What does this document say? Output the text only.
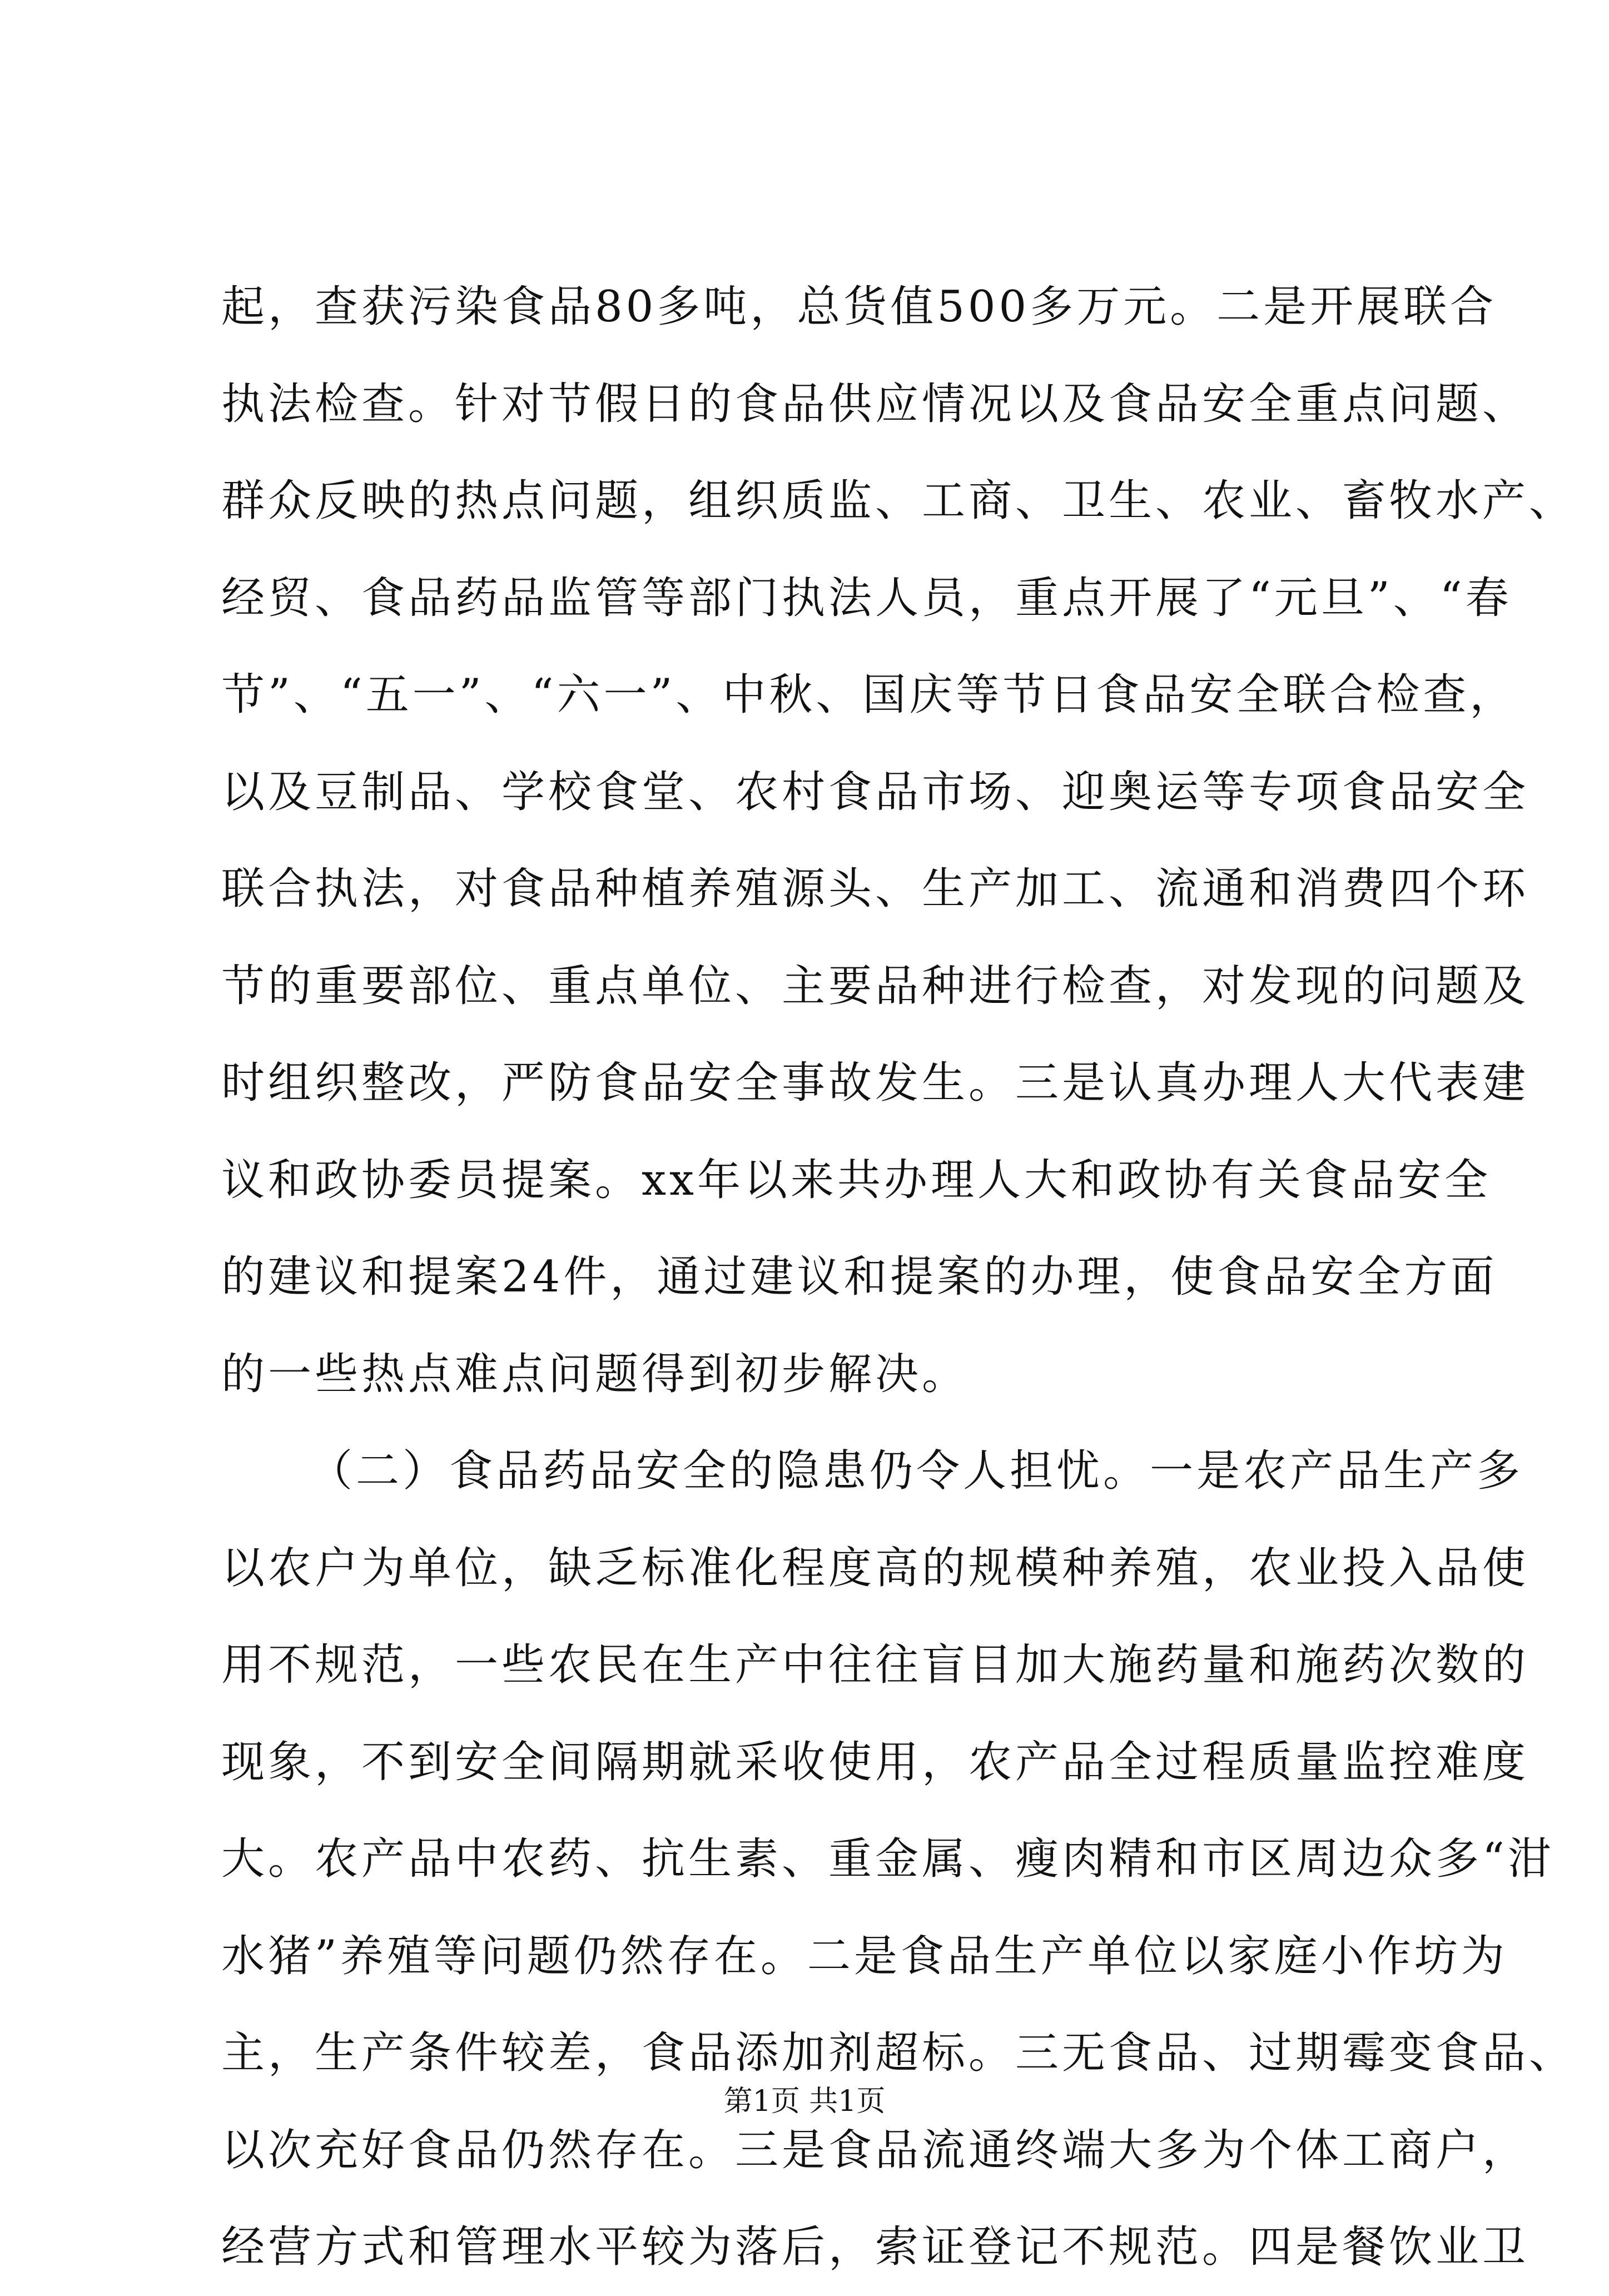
起，查获污染食品80多吨，总货值500多万元。二是开展联合
执法检查。针对节假日的食品供应情况以及食品安全重点问题、
群众反映的热点问题，组织质监、工商、卫生、农业、畜牧水产、
经贸、食品药品监管等部门执法人员，重点开展了“元旦”、“春
节”、“五一”、“六一”、中秋、国庆等节日食品安全联合检查，
以及豆制品、学校食堂、农村食品市场、迎奥运等专项食品安全
联合执法，对食品种植养殖源头、生产加工、流通和消费四个环
节的重要部位、重点单位、主要品种进行检查，对发现的问题及
时组织整改，严防食品安全事故发生。三是认真办理人大代表建
议和政协委员提案。xx年以来共办理人大和政协有关食品安全
的建议和提案24件，通过建议和提案的办理，使食品安全方面
的一些热点难点问题得到初步解决。
（二）食品药品安全的隐患仍令人担忧。一是农产品生产多
以农户为单位，缺乏标准化程度高的规模种养殖，农业投入品使
用不规范，一些农民在生产中往往盲目加大施药量和施药次数的
现象，不到安全间隔期就采收使用，农产品全过程质量监控难度
大。农产品中农药、抗生素、重金属、瘦肉精和市区周边众多“泔
水猪”养殖等问题仍然存在。二是食品生产单位以家庭小作坊为
主，生产条件较差，食品添加剂超标。三无食品、过期霉变食品、
以次充好食品仍然存在。三是食品流通终端大多为个体工商户，
经营方式和管理水平较为落后，索证登记不规范。四是餐饮业卫
第1页 共1页
